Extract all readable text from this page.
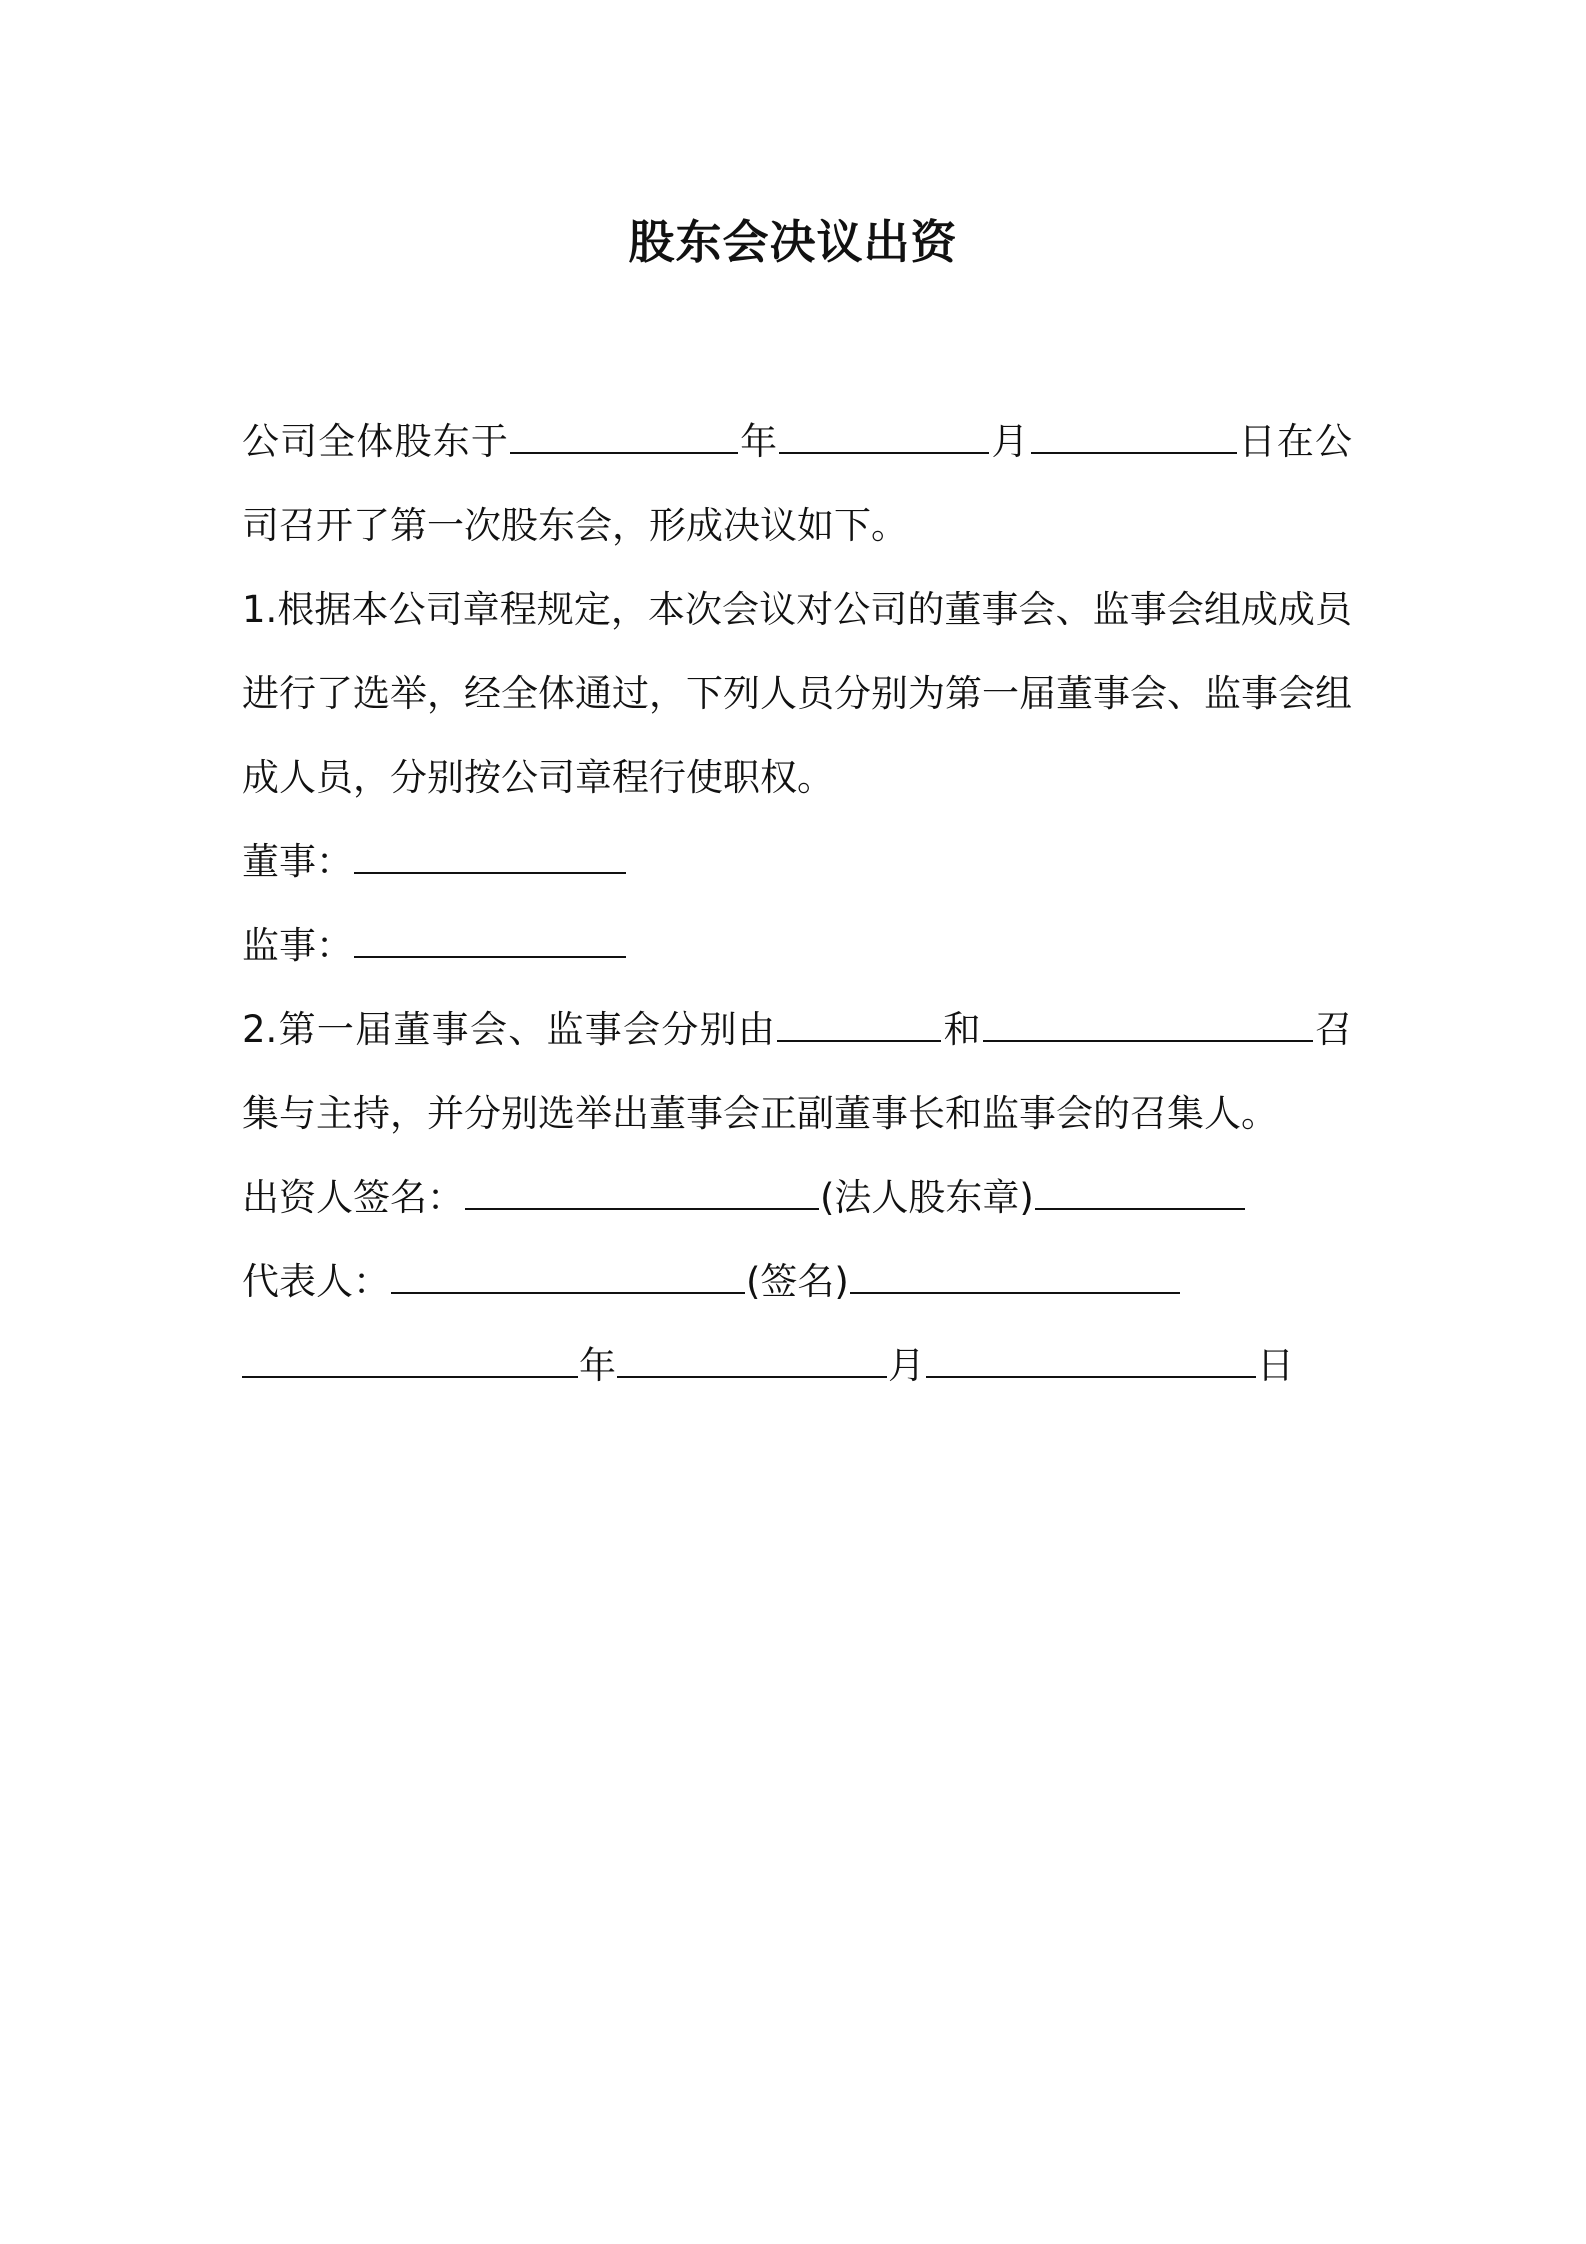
股东会决议出资
公司全体股东于	年	月	日在公
司召开了第一次股东会，形成决议如下。
1.根据本公司章程规定，本次会议对公司的董事会、监事会组成成员
进行了选举，经全体通过，下列人员分别为第一届董事会、监事会组
成人员，分别按公司章程行使职权。
董事：
监事：
2.第一届董事会、监事会分别由	和	召
集与主持，并分别选举出董事会正副董事长和监事会的召集人。
出资人签名：	(法人股东章)
代表人：	(签名)
年	月	日
